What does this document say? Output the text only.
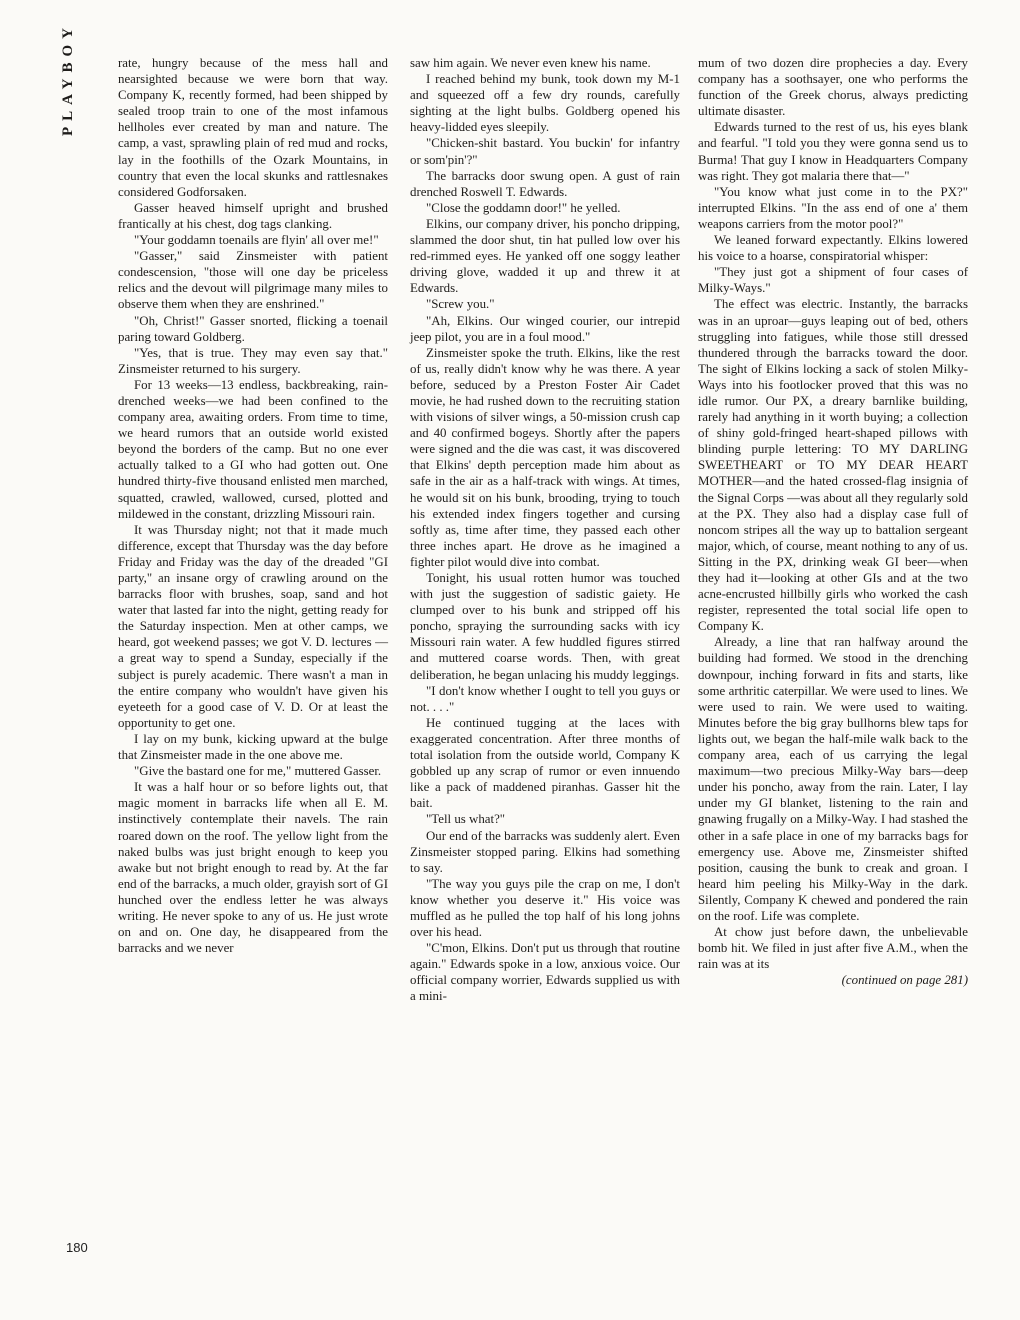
PLAYBOY	rate, hungry because of the mess hall and nearsighted because we were born that way. Company K, recently formed, had been shipped by sealed troop train to one of the most infamous hellholes ever created by man and nature. The camp, a vast, sprawling plain of red mud and rocks, lay in the foothills of the Ozark Mountains, in country that even the local skunks and rattlesnakes considered Godforsaken.

Gasser heaved himself upright and brushed frantically at his chest, dog tags clanking.

"Your goddamn toenails are flyin' all over me!"

"Gasser," said Zinsmeister with patient condescension, "those will one day be priceless relics and the devout will pilgrimage many miles to observe them when they are enshrined."

"Oh, Christ!" Gasser snorted, flicking a toenail paring toward Goldberg.

"Yes, that is true. They may even say that." Zinsmeister returned to his surgery.

For 13 weeks—13 endless, backbreaking, rain-drenched weeks—we had been confined to the company area, awaiting orders. From time to time, we heard rumors that an outside world existed beyond the borders of the camp. But no one ever actually talked to a GI who had gotten out. One hundred thirty-five thousand enlisted men marched, squatted, crawled, wallowed, cursed, plotted and mildewed in the constant, drizzling Missouri rain.

It was Thursday night; not that it made much difference, except that Thursday was the day before Friday and Friday was the day of the dreaded "GI party," an insane orgy of crawling around on the barracks floor with brushes, soap, sand and hot water that lasted far into the night, getting ready for the Saturday inspection. Men at other camps, we heard, got weekend passes; we got V. D. lectures —a great way to spend a Sunday, especially if the subject is purely academic. There wasn't a man in the entire company who wouldn't have given his eyeteeth for a good case of V. D. Or at least the opportunity to get one.

I lay on my bunk, kicking upward at the bulge that Zinsmeister made in the one above me.

"Give the bastard one for me," muttered Gasser.

It was a half hour or so before lights out, that magic moment in barracks life when all E. M. instinctively contemplate their navels. The rain roared down on the roof. The yellow light from the naked bulbs was just bright enough to keep you awake but not bright enough to read by. At the far end of the barracks, a much older, grayish sort of GI hunched over the endless letter he was always writing. He never spoke to any of us. He just wrote on and on. One day, he disappeared from the barracks and we never

saw him again. We never even knew his name.

I reached behind my bunk, took down my M-1 and squeezed off a few dry rounds, carefully sighting at the light bulbs. Goldberg opened his heavy-lidded eyes sleepily.

"Chicken-shit bastard. You buckin' for infantry or som'pin'?"

The barracks door swung open. A gust of rain drenched Roswell T. Edwards.

"Close the goddamn door!" he yelled.

Elkins, our company driver, his poncho dripping, slammed the door shut, tin hat pulled low over his red-rimmed eyes. He yanked off one soggy leather driving glove, wadded it up and threw it at Edwards.

"Screw you."

"Ah, Elkins. Our winged courier, our intrepid jeep pilot, you are in a foul mood."

Zinsmeister spoke the truth. Elkins, like the rest of us, really didn't know why he was there. A year before, seduced by a Preston Foster Air Cadet movie, he had rushed down to the recruiting station with visions of silver wings, a 50-mission crush cap and 40 confirmed bogeys. Shortly after the papers were signed and the die was cast, it was discovered that Elkins' depth perception made him about as safe in the air as a half-track with wings. At times, he would sit on his bunk, brooding, trying to touch his extended index fingers together and cursing softly as, time after time, they passed each other three inches apart. He drove as he imagined a fighter pilot would dive into combat.

Tonight, his usual rotten humor was touched with just the suggestion of sadistic gaiety. He clumped over to his bunk and stripped off his poncho, spraying the surrounding sacks with icy Missouri rain water. A few huddled figures stirred and muttered coarse words. Then, with great deliberation, he began unlacing his muddy leggings.

"I don't know whether I ought to tell you guys or not. . . ."

He continued tugging at the laces with exaggerated concentration. After three months of total isolation from the outside world, Company K gobbled up any scrap of rumor or even innuendo like a pack of maddened piranhas. Gasser hit the bait.

"Tell us what?"

Our end of the barracks was suddenly alert. Even Zinsmeister stopped paring. Elkins had something to say.

"The way you guys pile the crap on me, I don't know whether you deserve it." His voice was muffled as he pulled the top half of his long johns over his head.

"C'mon, Elkins. Don't put us through that routine again." Edwards spoke in a low, anxious voice. Our official company worrier, Edwards supplied us with a mini-

mum of two dozen dire prophecies a day. Every company has a soothsayer, one who performs the function of the Greek chorus, always predicting ultimate disaster.

Edwards turned to the rest of us, his eyes blank and fearful. "I told you they were gonna send us to Burma! That guy I know in Headquarters Company was right. They got malaria there that—"

"You know what just come in to the PX?" interrupted Elkins. "In the ass end of one a' them weapons carriers from the motor pool?"

We leaned forward expectantly. Elkins lowered his voice to a hoarse, conspiratorial whisper:

"They just got a shipment of four cases of Milky-Ways."

The effect was electric. Instantly, the barracks was in an uproar—guys leaping out of bed, others struggling into fatigues, while those still dressed thundered through the barracks toward the door. The sight of Elkins locking a sack of stolen Milky-Ways into his footlocker proved that this was no idle rumor. Our PX, a dreary barnlike building, rarely had anything in it worth buying; a collection of shiny gold-fringed heart-shaped pillows with blinding purple lettering: TO MY DARLING SWEETHEART or TO MY DEAR HEART MOTHER—and the hated crossed-flag insignia of the Signal Corps —was about all they regularly sold at the PX. They also had a display case full of noncom stripes all the way up to battalion sergeant major, which, of course, meant nothing to any of us. Sitting in the PX, drinking weak GI beer—when they had it—looking at other GIs and at the two acne-encrusted hillbilly girls who worked the cash register, represented the total social life open to Company K.

Already, a line that ran halfway around the building had formed. We stood in the drenching downpour, inching forward in fits and starts, like some arthritic caterpillar. We were used to lines. We were used to rain. We were used to waiting. Minutes before the big gray bullhorns blew taps for lights out, we began the half-mile walk back to the company area, each of us carrying the legal maximum—two precious Milky-Way bars—deep under his poncho, away from the rain. Later, I lay under my GI blanket, listening to the rain and gnawing frugally on a Milky-Way. I had stashed the other in a safe place in one of my barracks bags for emergency use. Above me, Zinsmeister shifted position, causing the bunk to creak and groan. I heard him peeling his Milky-Way in the dark. Silently, Company K chewed and pondered the rain on the roof. Life was complete.

At chow just before dawn, the unbelievable bomb hit. We filed in just after five A.M., when the rain was at its

(continued on page 281)

180
